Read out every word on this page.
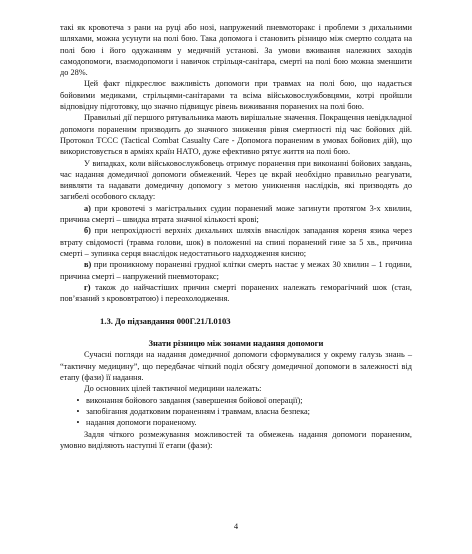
такі як кровотеча з рани на руці або нозі, напружений пневмоторакс і проблеми з дихальними шляхами, можна усунути на полі бою. Така допомога і становить різницю між смертю солдата на полі бою і його одужанням у медичній установі. За умови вживання належних заходів самодопомоги, взаємодопомоги і навичок стрільця-санітара, смерті на полі бою можна зменшити до 28%.

Цей факт підкреслює важливість допомоги при травмах на полі бою, що надається бойовими медиками, стрільцями-санітарами та всіма військовослужбовцями, котрі пройшли відповідну підготовку, що значно підвищує рівень виживання поранених на полі бою.

Правильні дії першого рятувальника мають вирішальне значення. Покращення невідкладної допомоги пораненим призводить до значного зниження рівня смертності під час бойових дій. Протокол TCCC (Tactical Combat Casualty Care - Допомога пораненим в умовах бойових дій), що використовується в арміях країн НАТО, дуже ефективно рятує життя на полі бою.

У випадках, коли військовослужбовець отримує поранення при виконанні бойових завдань, час надання домедичної допомоги обмежений. Через це вкрай необхідно правильно реагувати, виявляти та надавати домедичну допомогу з метою уникнення наслідків, які призводять до загибелі особового складу:

а) при кровотечі з магістральних судин поранений може загинути протягом 3-х хвилин, причина смерті – швидка втрата значної кількості крові;

б) при непрохідності верхніх дихальних шляхів внаслідок западання кореня язика через втрату свідомості (травма голови, шок) в положенні на спині поранений гине за 5 хв., причина смерті – зупинка серця внаслідок недостатнього надходження кисню;

в) при проникному пораненні грудної клітки смерть настає у межах 30 хвилин – 1 години, причина смерті – напружений пневмоторакс;

г) також до найчастіших причин смерті поранених належать геморагічний шок (стан, пов’язаний з крововтратою) і переохолодження.

1.3. До підзавдання 000Г.21Л.0103
Знати різницю між зонами надання допомоги

Сучасні погляди на надання домедичної допомоги сформувалися у окрему галузь знань – “тактичну медицину”, що передбачає чіткий поділ обсягу домедичної допомоги в залежності від етапу (фази) її надання.

До основних цілей тактичної медицини належать:

• виконання бойового завдання (завершення бойової операції);
• запобігання додатковим пораненням і травмам, власна безпека;
• надання допомоги пораненому.

Задля чіткого розмежування можливостей та обмежень надання допомоги пораненим, умовно виділяють наступні її етапи (фази):

4
